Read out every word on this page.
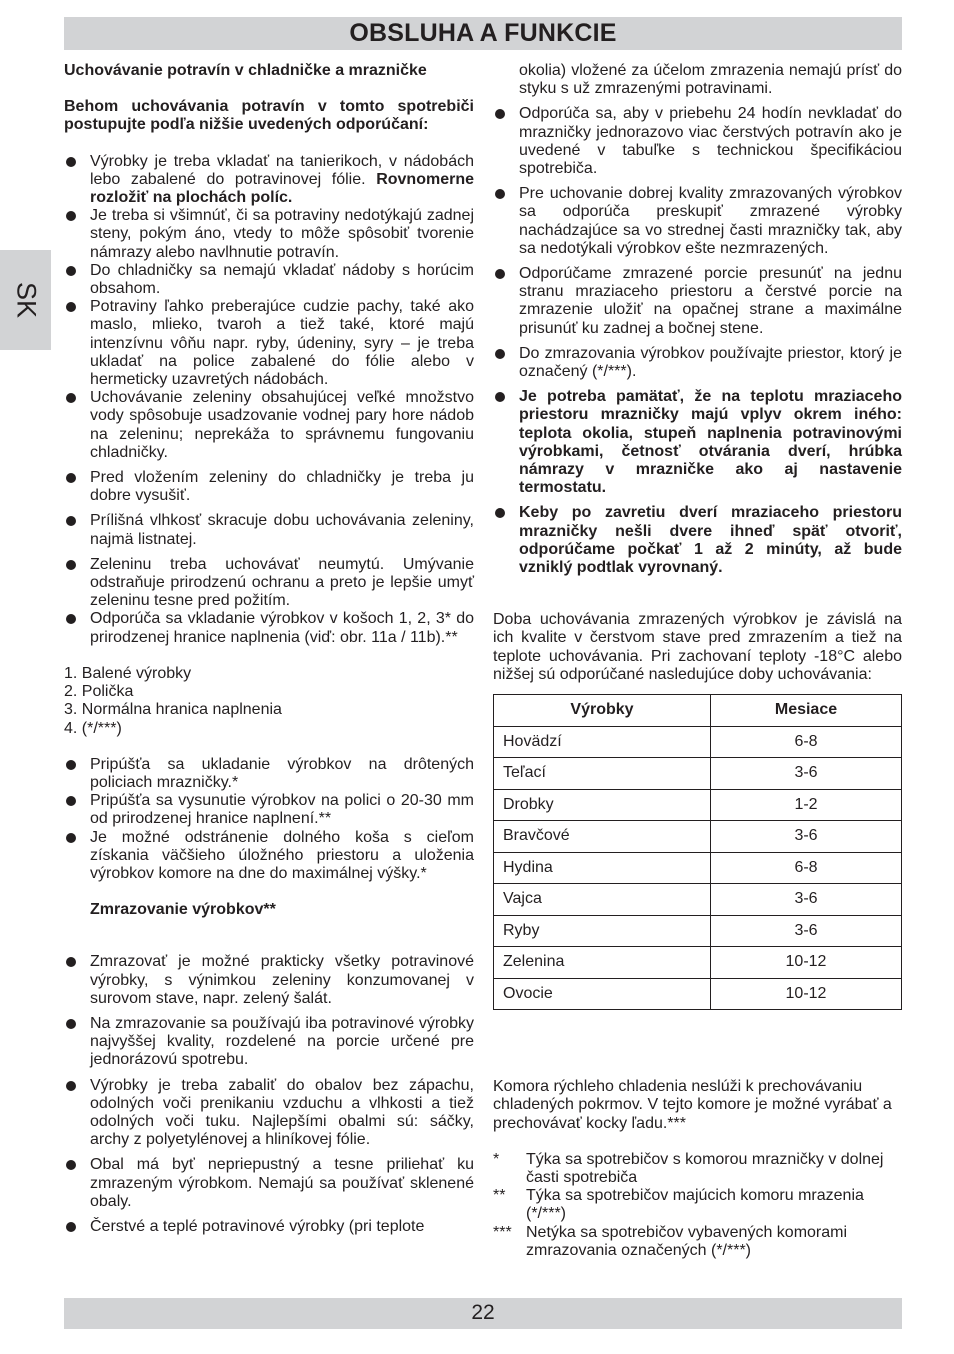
OBSLUHA A FUNKCIE
SK

Uchovávanie potravín v chladničke a mrazničke

Behom uchovávania potravín v tomto spotrebiči postupujte podľa nižšie uvedených odporúčaní:

Výrobky je treba vkladať na tanierikoch, v nádobách lebo zabalené do potravinovej fólie. Rovnomerne rozložiť na plochách políc.
Je treba si všimnúť, či sa potraviny nedotýkajú zadnej steny, pokým áno, vtedy to môže spôsobiť tvorenie námrazy alebo navlhnutie potravín.
Do chladničky sa nemajú vkladať nádoby s horúcim obsahom.
Potraviny ľahko preberajúce cudzie pachy, také ako maslo, mlieko, tvaroh a tiež také, ktoré majú intenzívnu vôňu napr. ryby, údeniny, syry – je treba ukladať na police zabalené do fólie alebo v hermeticky uzavretých nádobách.
Uchovávanie zeleniny obsahujúcej veľké množstvo vody spôsobuje usadzovanie vodnej pary hore nádob na zeleninu; neprekáža to správnemu fungovaniu chladničky.
Pred vložením zeleniny do chladničky je treba ju dobre vysušiť.
Prílišná vlhkosť skracuje dobu uchovávania zeleniny, najmä listnatej.
Zeleninu treba uchovávať neumytú. Umývanie odstraňuje prirodzenú ochranu a preto je lepšie umyť zeleninu tesne pred požitím.
Odporúča sa vkladanie výrobkov v košoch 1, 2, 3* do prirodzenej hranice naplnenia (viď: obr. 11a / 11b).**
1. Balené výrobky
2. Polička
3. Normálna hranica naplnenia
4. (*/***)
Pripúšťa sa ukladanie výrobkov na drôtených policiach mrazničky.*
Pripúšťa sa vysunutie výrobkov na polici o 20-30 mm od prirodzenej hranice naplnení.**
Je možné odstránenie dolného koša s cieľom získania väčšieho úložného priestoru a uloženia výrobkov komore na dne do maximálnej výšky.*

Zmrazovanie výrobkov**

Zmrazovať je možné prakticky všetky potravinové výrobky, s výnimkou zeleniny konzumovanej v surovom stave, napr. zelený šalát.
Na zmrazovanie sa používajú iba potravinové výrobky najvyššej kvality, rozdelené na porcie určené pre jednorázovú spotrebu.
Výrobky je treba zabaliť do obalov bez zápachu, odolných voči prenikaniu vzduchu a vlhkosti a tiež odolných voči tuku. Najlepšími obalmi sú: sáčky, archy z polyetylénovej a hliníkovej fólie.
Obal má byť nepriepustný a tesne priliehať ku zmrazeným výrobkom. Nemajú sa používať sklenené obaly.
Čerstvé a teplé potravinové výrobky (pri teplote

okolia) vložené za účelom zmrazenia nemajú prísť do styku s už zmrazenými potravinami.

Odporúča sa, aby v priebehu 24 hodín nevkladať do mrazničky jednorazovo viac čerstvých potravín ako je uvedené v tabuľke s technickou špecifikáciou spotrebiča.
Pre uchovanie dobrej kvality zmrazovaných výrobkov sa odporúča preskupiť zmrazené výrobky nachádzajúce sa vo strednej časti mrazničky tak, aby sa nedotýkali výrobkov ešte nezmrazených.
Odporúčame zmrazené porcie presunúť na jednu stranu mraziaceho priestoru a čerstvé porcie na zmrazenie uložiť na opačnej strane a maximálne prisunúť ku zadnej a bočnej stene.
Do zmrazovania výrobkov používajte priestor, ktorý je označený (*/***).
Je potreba pamätať, že na teplotu mraziaceho priestoru mrazničky majú vplyv okrem iného: teplota okolia, stupeň naplnenia potravinovými výrobkami, četnosť otvárania dverí, hrúbka námrazy v mrazničke ako aj nastavenie termostatu.
Keby po zavretiu dverí mraziaceho priestoru mrazničky nešli dvere ihneď späť otvoriť, odporúčame počkať 1 až 2 minúty, až bude vzniklý podtlak vyrovnaný.

Doba uchovávania zmrazených výrobkov je závislá na ich kvalite v čerstvom stave pred zmrazením a tiež na teplote uchovávania. Pri zachovaní teploty -18°C alebo nižšej sú odporúčané nasledujúce doby uchovávania:

Výrobky	Mesiace
Hovädzí	6-8
Teľací	3-6
Drobky	1-2
Bravčové	3-6
Hydina	6-8
Vajca	3-6
Ryby	3-6
Zelenina	10-12
Ovocie	10-12

Komora rýchleho chladenia neslúži k prechovávaniu chladených pokrmov. V tejto komore je možné vyrábať a prechovávať kocky ľadu.***

* Týka sa spotrebičov s komorou mrazničky v dolnej časti spotrebiča
** Týka sa spotrebičov majúcich komoru mrazenia (*/***)
*** Netýka sa spotrebičov vybavených komorami zmrazovania označených (*/***)
22
